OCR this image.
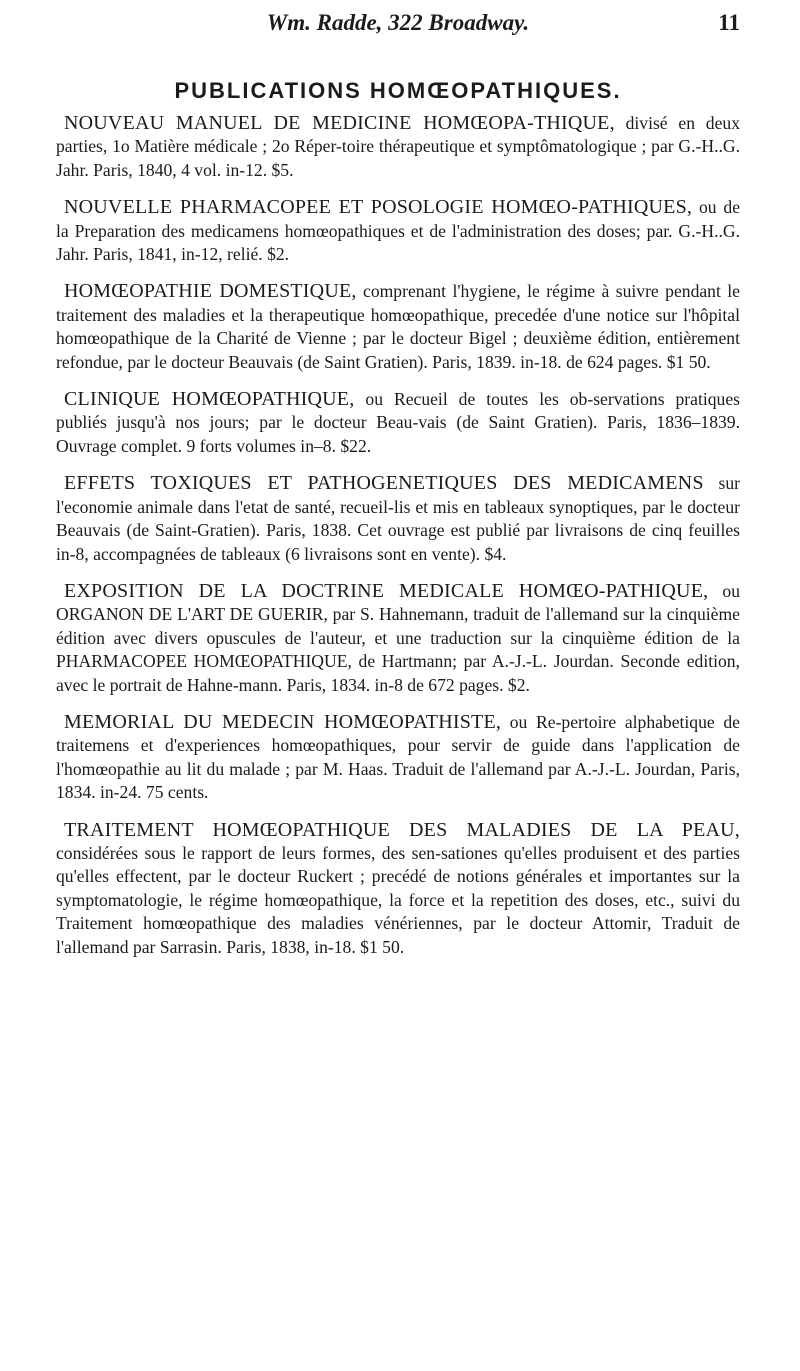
Wm. Radde, 322 Broadway.	11
PUBLICATIONS HOMŒOPATHIQUES.

NOUVEAU MANUEL DE MEDICINE HOMŒOPA-THIQUE, divisé en deux parties, 1o Matière médicale ; 2o Réper-toire thérapeutique et symptômatologique ; par G.-H..G. Jahr. Paris, 1840, 4 vol. in-12. $5.

NOUVELLE PHARMACOPEE ET POSOLOGIE HOMŒO-PATHIQUES, ou de la Preparation des medicamens homœopathiques et de l'administration des doses; par. G.-H..G. Jahr. Paris, 1841, in-12, relié. $2.

HOMŒOPATHIE DOMESTIQUE, comprenant l'hygiene, le régime à suivre pendant le traitement des maladies et la therapeutique homœopathique, precedée d'une notice sur l'hôpital homœopathique de la Charité de Vienne ; par le docteur Bigel ; deuxième édition, entièrement refondue, par le docteur Beauvais (de Saint Gratien). Paris, 1839. in-18. de 624 pages. $1 50.

CLINIQUE HOMŒOPATHIQUE, ou Recueil de toutes les ob-servations pratiques publiés jusqu'à nos jours; par le docteur Beau-vais (de Saint Gratien). Paris, 1836–1839. Ouvrage complet. 9 forts volumes in–8. $22.

EFFETS TOXIQUES ET PATHOGENETIQUES DES MEDICAMENS sur l'economie animale dans l'etat de santé, recueil-lis et mis en tableaux synoptiques, par le docteur Beauvais (de Saint-Gratien). Paris, 1838. Cet ouvrage est publié par livraisons de cinq feuilles in-8, accompagnées de tableaux (6 livraisons sont en vente). $4.

EXPOSITION DE LA DOCTRINE MEDICALE HOMŒO-PATHIQUE, ou ORGANON DE L'ART DE GUERIR, par S. Hahnemann, traduit de l'allemand sur la cinquième édition avec divers opuscules de l'auteur, et une traduction sur la cinquième édition de la PHARMACOPEE HOMŒOPATHIQUE, de Hartmann; par A.-J.-L. Jourdan. Seconde edition, avec le portrait de Hahne-mann. Paris, 1834. in-8 de 672 pages. $2.

MEMORIAL DU MEDECIN HOMŒOPATHISTE, ou Re-pertoire alphabetique de traitemens et d'experiences homœopathiques, pour servir de guide dans l'application de l'homœopathie au lit du malade ; par M. Haas. Traduit de l'allemand par A.-J.-L. Jourdan, Paris, 1834. in-24. 75 cents.

TRAITEMENT HOMŒOPATHIQUE DES MALADIES DE LA PEAU, considérées sous le rapport de leurs formes, des sen-sationes qu'elles produisent et des parties qu'elles effectent, par le docteur Ruckert ; precédé de notions générales et importantes sur la symptomatologie, le régime homœopathique, la force et la repetition des doses, etc., suivi du Traitement homœopathique des maladies vénériennes, par le docteur Attomir, Traduit de l'allemand par Sarrasin. Paris, 1838, in-18. $1 50.
